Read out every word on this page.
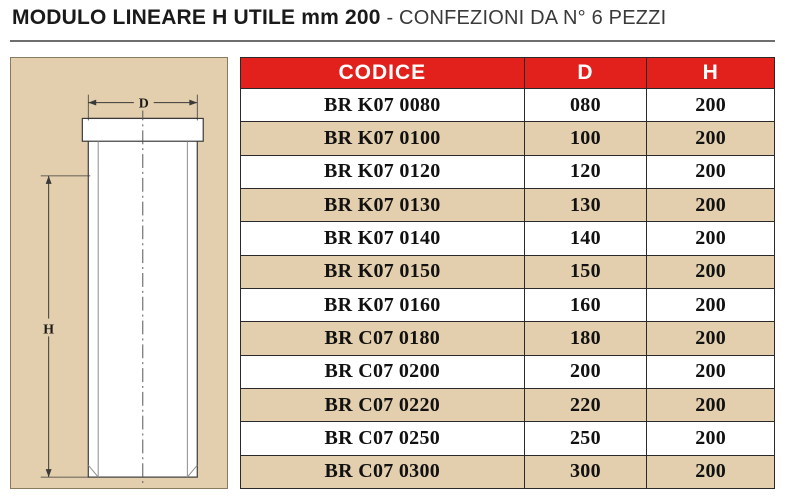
MODULO LINEARE H UTILE mm 200 - CONFEZIONI DA N° 6 PEZZI
D
H
CODICE	D	H
BR K07 0080	080	200
BR K07 0100	100	200
BR K07 0120	120	200
BR K07 0130	130	200
BR K07 0140	140	200
BR K07 0150	150	200
BR K07 0160	160	200
BR C07 0180	180	200
BR C07 0200	200	200
BR C07 0220	220	200
BR C07 0250	250	200
BR C07 0300	300	200
